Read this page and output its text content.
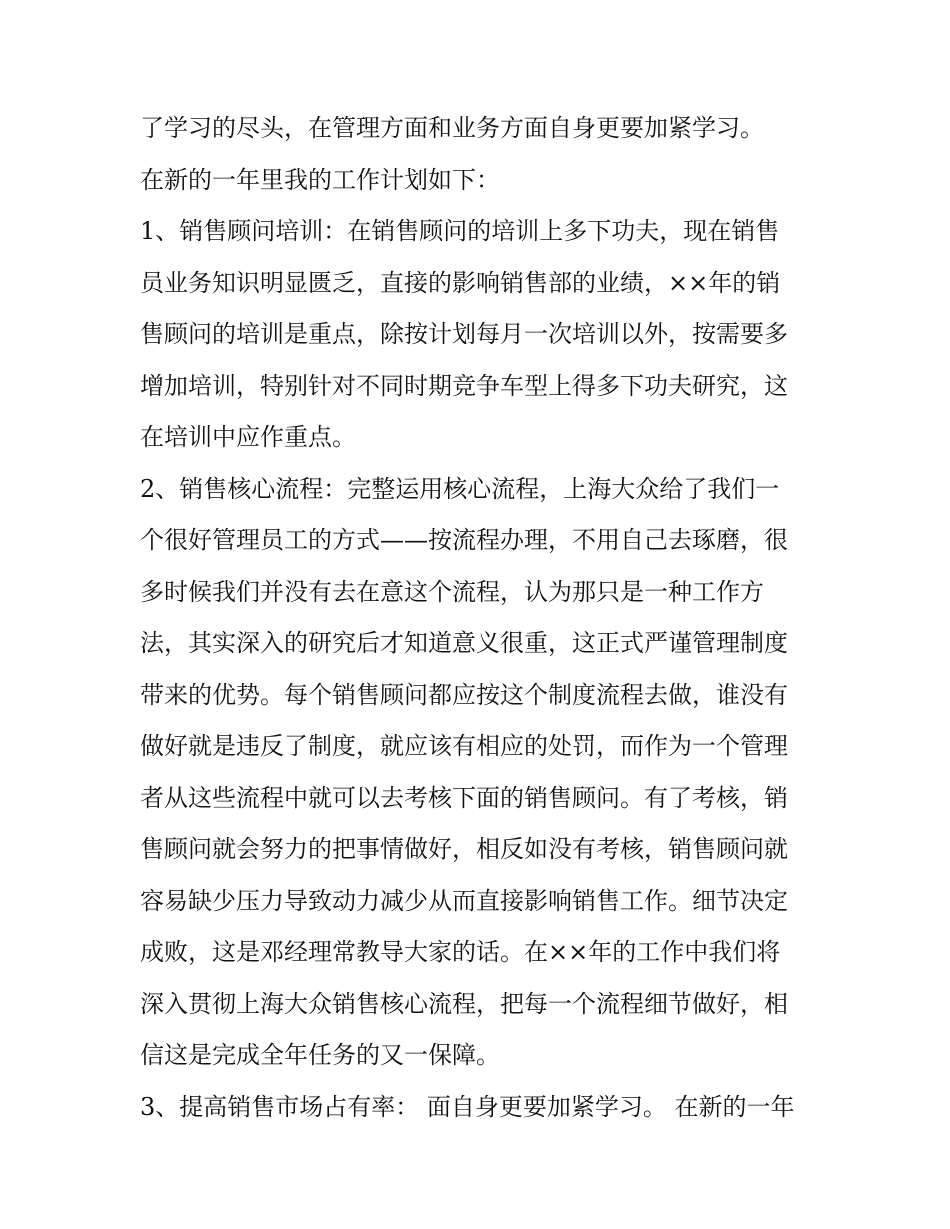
了学习的尽头，在管理方面和业务方面自身更要加紧学习。
在新的一年里我的工作计划如下：
1、销售顾问培训：在销售顾问的培训上多下功夫，现在销售
员业务知识明显匮乏，直接的影响销售部的业绩，××年的销
售顾问的培训是重点，除按计划每月一次培训以外，按需要多
增加培训，特别针对不同时期竞争车型上得多下功夫研究，这
在培训中应作重点。
2、销售核心流程：完整运用核心流程，上海大众给了我们一
个很好管理员工的方式——按流程办理，不用自己去琢磨，很
多时候我们并没有去在意这个流程，认为那只是一种工作方
法，其实深入的研究后才知道意义很重，这正式严谨管理制度
带来的优势。每个销售顾问都应按这个制度流程去做，谁没有
做好就是违反了制度，就应该有相应的处罚，而作为一个管理
者从这些流程中就可以去考核下面的销售顾问。有了考核，销
售顾问就会努力的把事情做好，相反如没有考核，销售顾问就
容易缺少压力导致动力减少从而直接影响销售工作。细节决定
成败，这是邓经理常教导大家的话。在××年的工作中我们将
深入贯彻上海大众销售核心流程，把每一个流程细节做好，相
信这是完成全年任务的又一保障。
3、提高销售市场占有率： 面自身更要加紧学习。 在新的一年
